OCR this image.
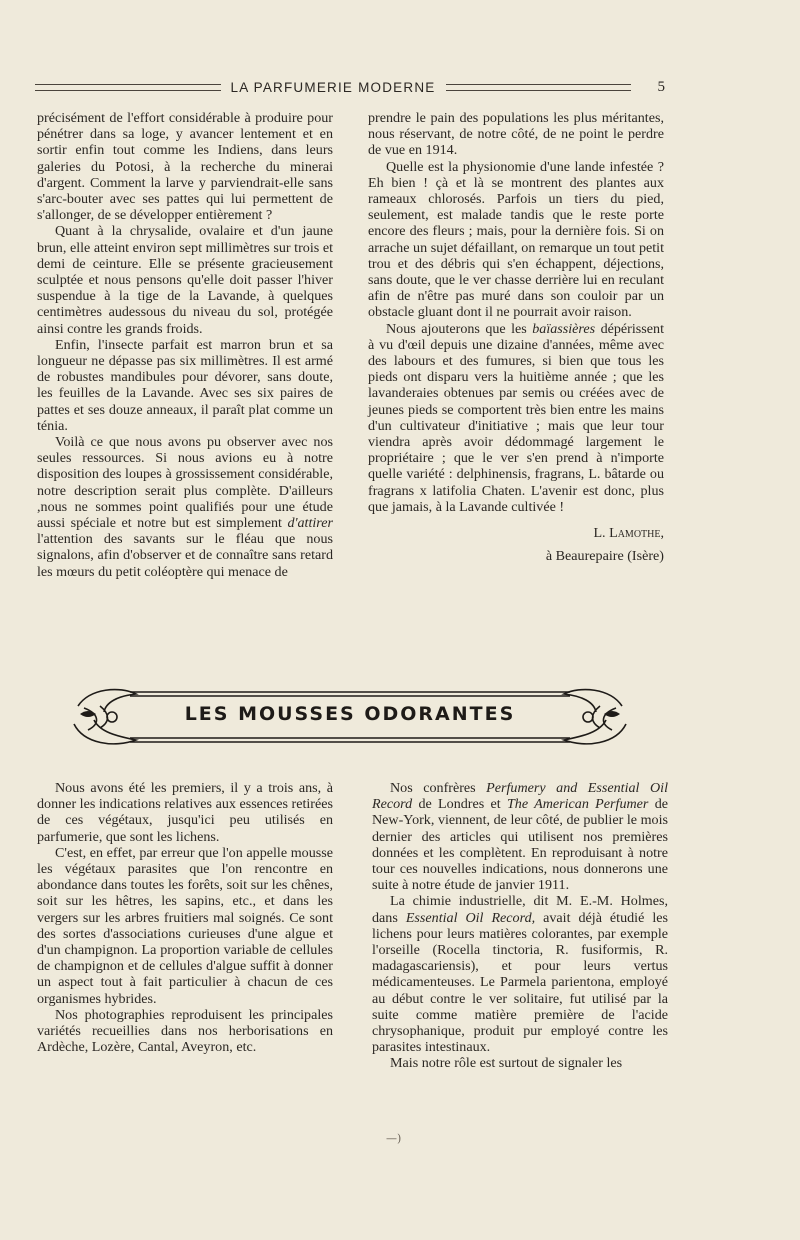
LA PARFUMERIE MODERNE	5

précisément de l'effort considérable à produire pour pénétrer dans sa loge, y avancer lentement et en sortir enfin tout comme les Indiens, dans leurs galeries du Potosi, à la recherche du minerai d'argent. Comment la larve y parviendrait-elle sans s'arc-bouter avec ses pattes qui lui permettent de s'allonger, de se développer entièrement ?

Quant à la chrysalide, ovalaire et d'un jaune brun, elle atteint environ sept millimètres sur trois et demi de ceinture. Elle se présente gracieusement sculptée et nous pensons qu'elle doit passer l'hiver suspendue à la tige de la Lavande, à quelques centimètres audessous du niveau du sol, protégée ainsi contre les grands froids.

Enfin, l'insecte parfait est marron brun et sa longueur ne dépasse pas six millimètres. Il est armé de robustes mandibules pour dévorer, sans doute, les feuilles de la Lavande. Avec ses six paires de pattes et ses douze anneaux, il paraît plat comme un ténia.

Voilà ce que nous avons pu observer avec nos seules ressources. Si nous avions eu à notre disposition des loupes à grossissement considérable, notre description serait plus complète. D'ailleurs ,nous ne sommes point qualifiés pour une étude aussi spéciale et notre but est simplement d'attirer l'attention des savants sur le fléau que nous signalons, afin d'observer et de connaître sans retard les mœurs du petit coléoptère qui menace de

prendre le pain des populations les plus méritantes, nous réservant, de notre côté, de ne point le perdre de vue en 1914.

Quelle est la physionomie d'une lande infestée ? Eh bien ! çà et là se montrent des plantes aux rameaux chlorosés. Parfois un tiers du pied, seulement, est malade tandis que le reste porte encore des fleurs ; mais, pour la dernière fois. Si on arrache un sujet défaillant, on remarque un tout petit trou et des débris qui s'en échappent, déjections, sans doute, que le ver chasse derrière lui en reculant afin de n'être pas muré dans son couloir par un obstacle gluant dont il ne pourrait avoir raison.

Nous ajouterons que les baïassières dépérissent à vu d'œil depuis une dizaine d'années, même avec des labours et des fumures, si bien que tous les pieds ont disparu vers la huitième année ; que les lavanderaies obtenues par semis ou créées avec de jeunes pieds se comportent très bien entre les mains d'un cultivateur d'initiative ; mais que leur tour viendra après avoir dédommagé largement le propriétaire ; que le ver s'en prend à n'importe quelle variété : delphinensis, fragrans, L. bâtarde ou fragrans x latifolia Chaten. L'avenir est donc, plus que jamais, à la Lavande cultivée !

L. Lamothe,
à Beaurepaire (Isère)
LES MOUSSES ODORANTES

Nous avons été les premiers, il y a trois ans, à donner les indications relatives aux essences retirées de ces végétaux, jusqu'ici peu utilisés en parfumerie, que sont les lichens.

C'est, en effet, par erreur que l'on appelle mousse les végétaux parasites que l'on rencontre en abondance dans toutes les forêts, soit sur les chênes, soit sur les hêtres, les sapins, etc., et dans les vergers sur les arbres fruitiers mal soignés. Ce sont des sortes d'associations curieuses d'une algue et d'un champignon. La proportion variable de cellules de champignon et de cellules d'algue suffit à donner un aspect tout à fait particulier à chacun de ces organismes hybrides.

Nos photographies reproduisent les principales variétés recueillies dans nos herborisations en Ardèche, Lozère, Cantal, Aveyron, etc.

Nos confrères Perfumery and Essential Oil Record de Londres et The American Perfumer de New-York, viennent, de leur côté, de publier le mois dernier des articles qui utilisent nos premières données et les complètent. En reproduisant à notre tour ces nouvelles indications, nous donnerons une suite à notre étude de janvier 1911.

La chimie industrielle, dit M. E.-M. Holmes, dans Essential Oil Record, avait déjà étudié les lichens pour leurs matières colorantes, par exemple l'orseille (Rocella tinctoria, R. fusiformis, R. madagascariensis), et pour leurs vertus médicamenteuses. Le Parmela parientona, employé au début contre le ver solitaire, fut utilisé par la suite comme matière première de l'acide chrysophanique, produit pur employé contre les parasites intestinaux.

Mais notre rôle est surtout de signaler les

—)
